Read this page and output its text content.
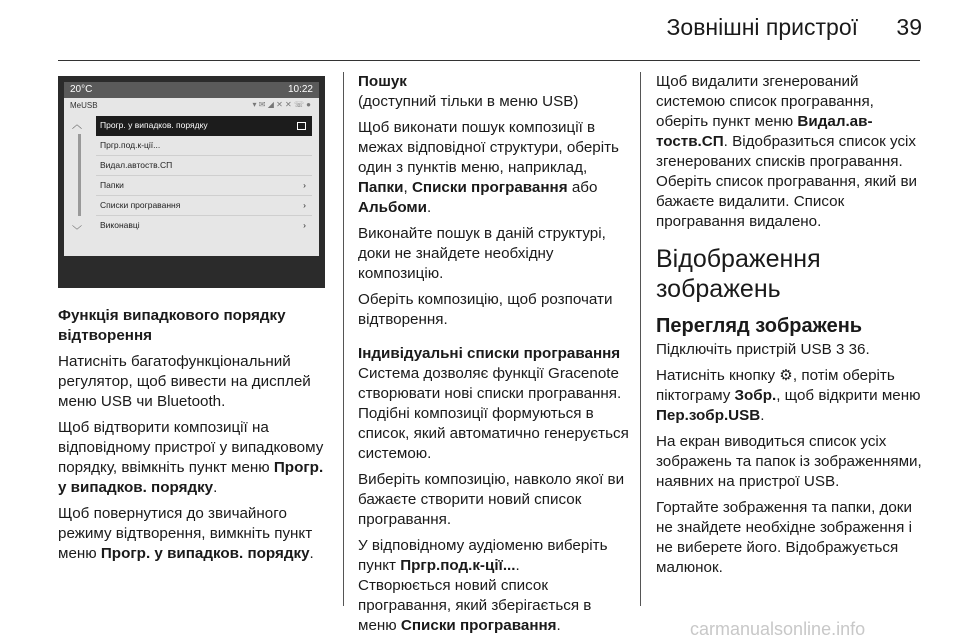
Зовнішні пристрої 39
20°C	10:22
MeUSB	▾ ✉ ◢ ✕ ✕ ☏ ●
︿
﹀
Прогр. у випадков. порядку
Пргр.под.к-ції...
Видал.автоств.СП
Папки	›
Списки програвання	›
Виконавці	›

Функція випадкового порядку відтворення

Натисніть багатофункціональний регулятор, щоб вивести на дисплей меню USB чи Bluetooth.

Щоб відтворити композиції на відповідному пристрої у випадковому порядку, ввімкніть пункт меню Прогр. у випадков. порядку.

Щоб повернутися до звичайного режиму відтворення, вимкніть пункт меню Прогр. у випадков. порядку.

Пошук

(доступний тільки в меню USB)

Щоб виконати пошук композиції в межах відповідної структури, оберіть один з пунктів меню, наприклад, Папки, Списки програвання або Альбоми.

Виконайте пошук в даній структурі, доки не знайдете необхідну композицію.

Оберіть композицію, щоб розпочати відтворення.

Індивідуальні списки програвання

Система дозволяє функції Gracenote створювати нові списки програвання. Подібні композиції формуються в список, який автоматично генерується системою.

Виберіть композицію, навколо якої ви бажаєте створити новий список програвання.

У відповідному аудіоменю виберіть пункт Пргр.под.к-ції....

Створюється новий список програвання, який зберігається в меню Списки програвання.

Щоб видалити згенерований системою список програвання, оберіть пункт меню Видал.ав-тоств.СП. Відобразиться список усіх згенерованих списків програвання. Оберіть список програвання, який ви бажаєте видалити. Список програвання видалено.

Відображення зображень
Перегляд зображень

Підключіть пристрій USB 3 36.

Натисніть кнопку ⚙, потім оберіть піктограму Зобр., щоб відкрити меню Пер.зобр.USB.

На екран виводиться список усіх зображень та папок із зображеннями, наявних на пристрої USB.

Гортайте зображення та папки, доки не знайдете необхідне зображення і не виберете його. Відображується малюнок.

carmanualsonline.info
